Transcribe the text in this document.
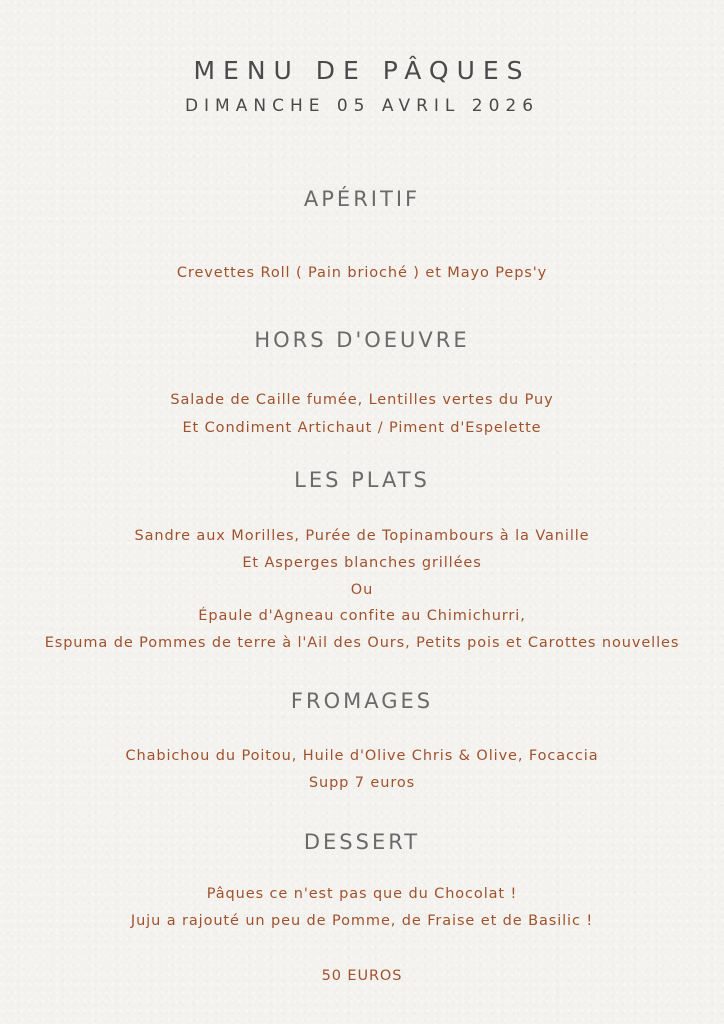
MENU DE PÂQUES
DIMANCHE 05 AVRIL 2026
APÉRITIF
Crevettes Roll ( Pain brioché ) et Mayo Peps'y
HORS D'OEUVRE
Salade de Caille fumée, Lentilles vertes du Puy
Et Condiment Artichaut / Piment d'Espelette
LES PLATS
Sandre aux Morilles, Purée de Topinambours à la Vanille
Et Asperges blanches grillées
Ou
Épaule d'Agneau confite au Chimichurri,
Espuma de Pommes de terre à l'Ail des Ours, Petits pois et Carottes nouvelles
FROMAGES
Chabichou du Poitou, Huile d'Olive Chris & Olive, Focaccia
Supp 7 euros
DESSERT
Pâques ce n'est pas que du Chocolat !
Juju a rajouté un peu de Pomme, de Fraise et de Basilic !
50 EUROS
